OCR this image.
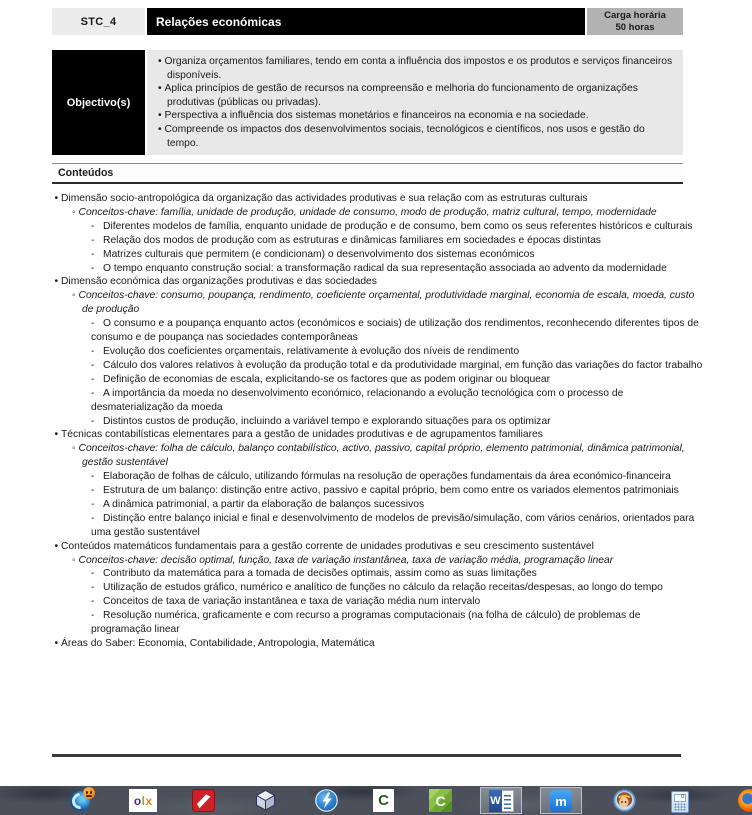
STC_4	Relações económicas	Carga horária
50 horas
Objectivo(s)
• Organiza orçamentos familiares, tendo em conta a influência dos impostos e os produtos e serviços financeiros disponíveis.
• Aplica princípios de gestão de recursos na compreensão e melhoria do funcionamento de organizações produtivas (públicas ou privadas).
• Perspectiva a influência dos sistemas monetários e financeiros na economia e na sociedade.
• Compreende os impactos dos desenvolvimentos sociais, tecnológicos e científicos, nos usos e gestão do tempo.
Conteúdos
• Dimensão socio-antropológica da organização das actividades produtivas e sua relação com as estruturas culturais
◦ Conceitos-chave: família, unidade de produção, unidade de consumo, modo de produção, matriz cultural, tempo, modernidade
-   Diferentes modelos de família, enquanto unidade de produção e de consumo, bem como os seus referentes históricos e culturais
-   Relação dos modos de produção com as estruturas e dinâmicas familiares em sociedades e épocas distintas
-   Matrizes culturais que permitem (e condicionam) o desenvolvimento dos sistemas económicos
-   O tempo enquanto construção social: a transformação radical da sua representação associada ao advento da modernidade
• Dimensão económica das organizações produtivas e das sociedades
◦ Conceitos-chave: consumo, poupança, rendimento, coeficiente orçamental, produtividade marginal, economia de escala, moeda, custo de produção
-   O consumo e a poupança enquanto actos (económicos e sociais) de utilização dos rendimentos, reconhecendo diferentes tipos de consumo e de poupança nas sociedades contemporâneas
-   Evolução dos coeficientes orçamentais, relativamente à evolução dos níveis de rendimento
-   Cálculo dos valores relativos à evolução da produção total e da produtividade marginal, em função das variações do factor trabalho
-   Definição de economias de escala, explicitando-se os factores que as podem originar ou bloquear
-   A importância da moeda no desenvolvimento económico, relacionando a evolução tecnológica com o processo de desmaterialização da moeda
-   Distintos custos de produção, incluindo a variável tempo e explorando situações para os optimizar
• Técnicas contabilísticas elementares para a gestão de unidades produtivas e de agrupamentos familiares
◦ Conceitos-chave: folha de cálculo, balanço contabilístico, activo, passivo, capital próprio, elemento patrimonial, dinâmica patrimonial, gestão sustentável
-   Elaboração de folhas de cálculo, utilizando fórmulas na resolução de operações fundamentais da área económico-financeira
-   Estrutura de um balanço: distinção entre activo, passivo e capital próprio, bem como entre os variados elementos patrimoniais
-   A dinâmica patrimonial, a partir da elaboração de balanços sucessivos
-   Distinção entre balanço inicial e final e desenvolvimento de modelos de previsão/simulação, com vários cenários, orientados para uma gestão sustentável
• Conteúdos matemáticos fundamentais para a gestão corrente de unidades produtivas e seu crescimento sustentável
◦ Conceitos-chave: decisão optimal, função, taxa de variação instantânea, taxa de variação média, programação linear
-   Contributo da matemática para a tomada de decisões optimais, assim como as suas limitações
-   Utilização de estudos gráfico, numérico e analítico de funções no cálculo da relação receitas/despesas, ao longo do tempo
-   Conceitos de taxa de variação instantânea e taxa de variação média num intervalo
-   Resolução numérica, graficamente e com recurso a programas computacionais (na folha de cálculo) de problemas de programação linear
• Áreas do Saber: Economia, Contabilidade, Antropologia, Matemática
o l x	C	C	W	m	0
